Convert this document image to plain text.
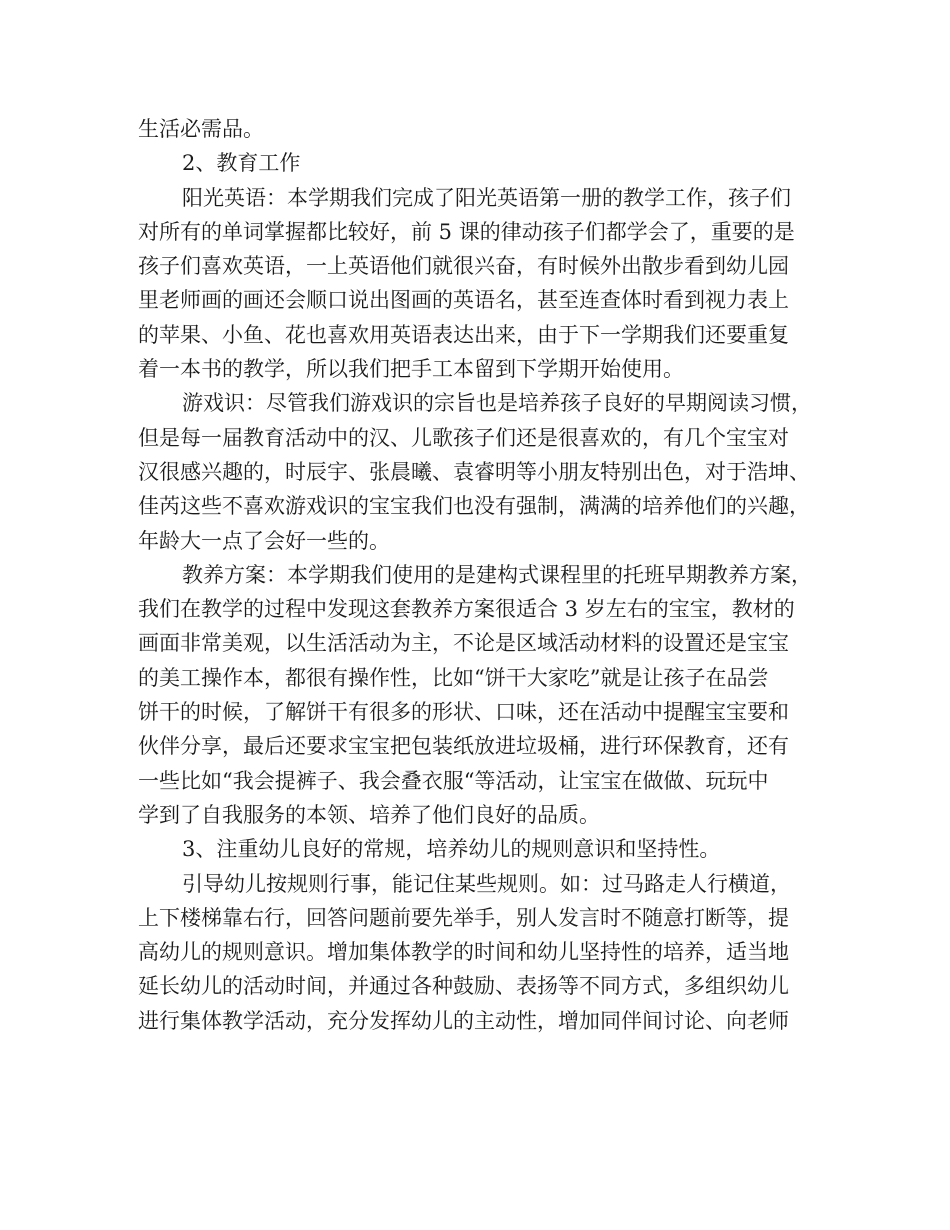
生活必需品。
2、教育工作
阳光英语：本学期我们完成了阳光英语第一册的教学工作，孩子们
对所有的单词掌握都比较好，前 5 课的律动孩子们都学会了，重要的是
孩子们喜欢英语，一上英语他们就很兴奋，有时候外出散步看到幼儿园
里老师画的画还会顺口说出图画的英语名，甚至连查体时看到视力表上
的苹果、小鱼、花也喜欢用英语表达出来，由于下一学期我们还要重复
着一本书的教学，所以我们把手工本留到下学期开始使用。
游戏识：尽管我们游戏识的宗旨也是培养孩子良好的早期阅读习惯，
但是每一届教育活动中的汉、儿歌孩子们还是很喜欢的，有几个宝宝对
汉很感兴趣的，时辰宇、张晨曦、袁睿明等小朋友特别出色，对于浩坤、
佳芮这些不喜欢游戏识的宝宝我们也没有强制，满满的培养他们的兴趣，
年龄大一点了会好一些的。
教养方案：本学期我们使用的是建构式课程里的托班早期教养方案，
我们在教学的过程中发现这套教养方案很适合 3 岁左右的宝宝，教材的
画面非常美观，以生活活动为主，不论是区域活动材料的设置还是宝宝
的美工操作本，都很有操作性，比如“饼干大家吃”就是让孩子在品尝
饼干的时候，了解饼干有很多的形状、口味，还在活动中提醒宝宝要和
伙伴分享，最后还要求宝宝把包装纸放进垃圾桶，进行环保教育，还有
一些比如“我会提裤子、我会叠衣服“等活动，让宝宝在做做、玩玩中
学到了自我服务的本领、培养了他们良好的品质。
3、注重幼儿良好的常规，培养幼儿的规则意识和坚持性。
引导幼儿按规则行事，能记住某些规则。如：过马路走人行横道，
上下楼梯靠右行，回答问题前要先举手，别人发言时不随意打断等，提
高幼儿的规则意识。增加集体教学的时间和幼儿坚持性的培养，适当地
延长幼儿的活动时间，并通过各种鼓励、表扬等不同方式，多组织幼儿
进行集体教学活动，充分发挥幼儿的主动性，增加同伴间讨论、向老师
